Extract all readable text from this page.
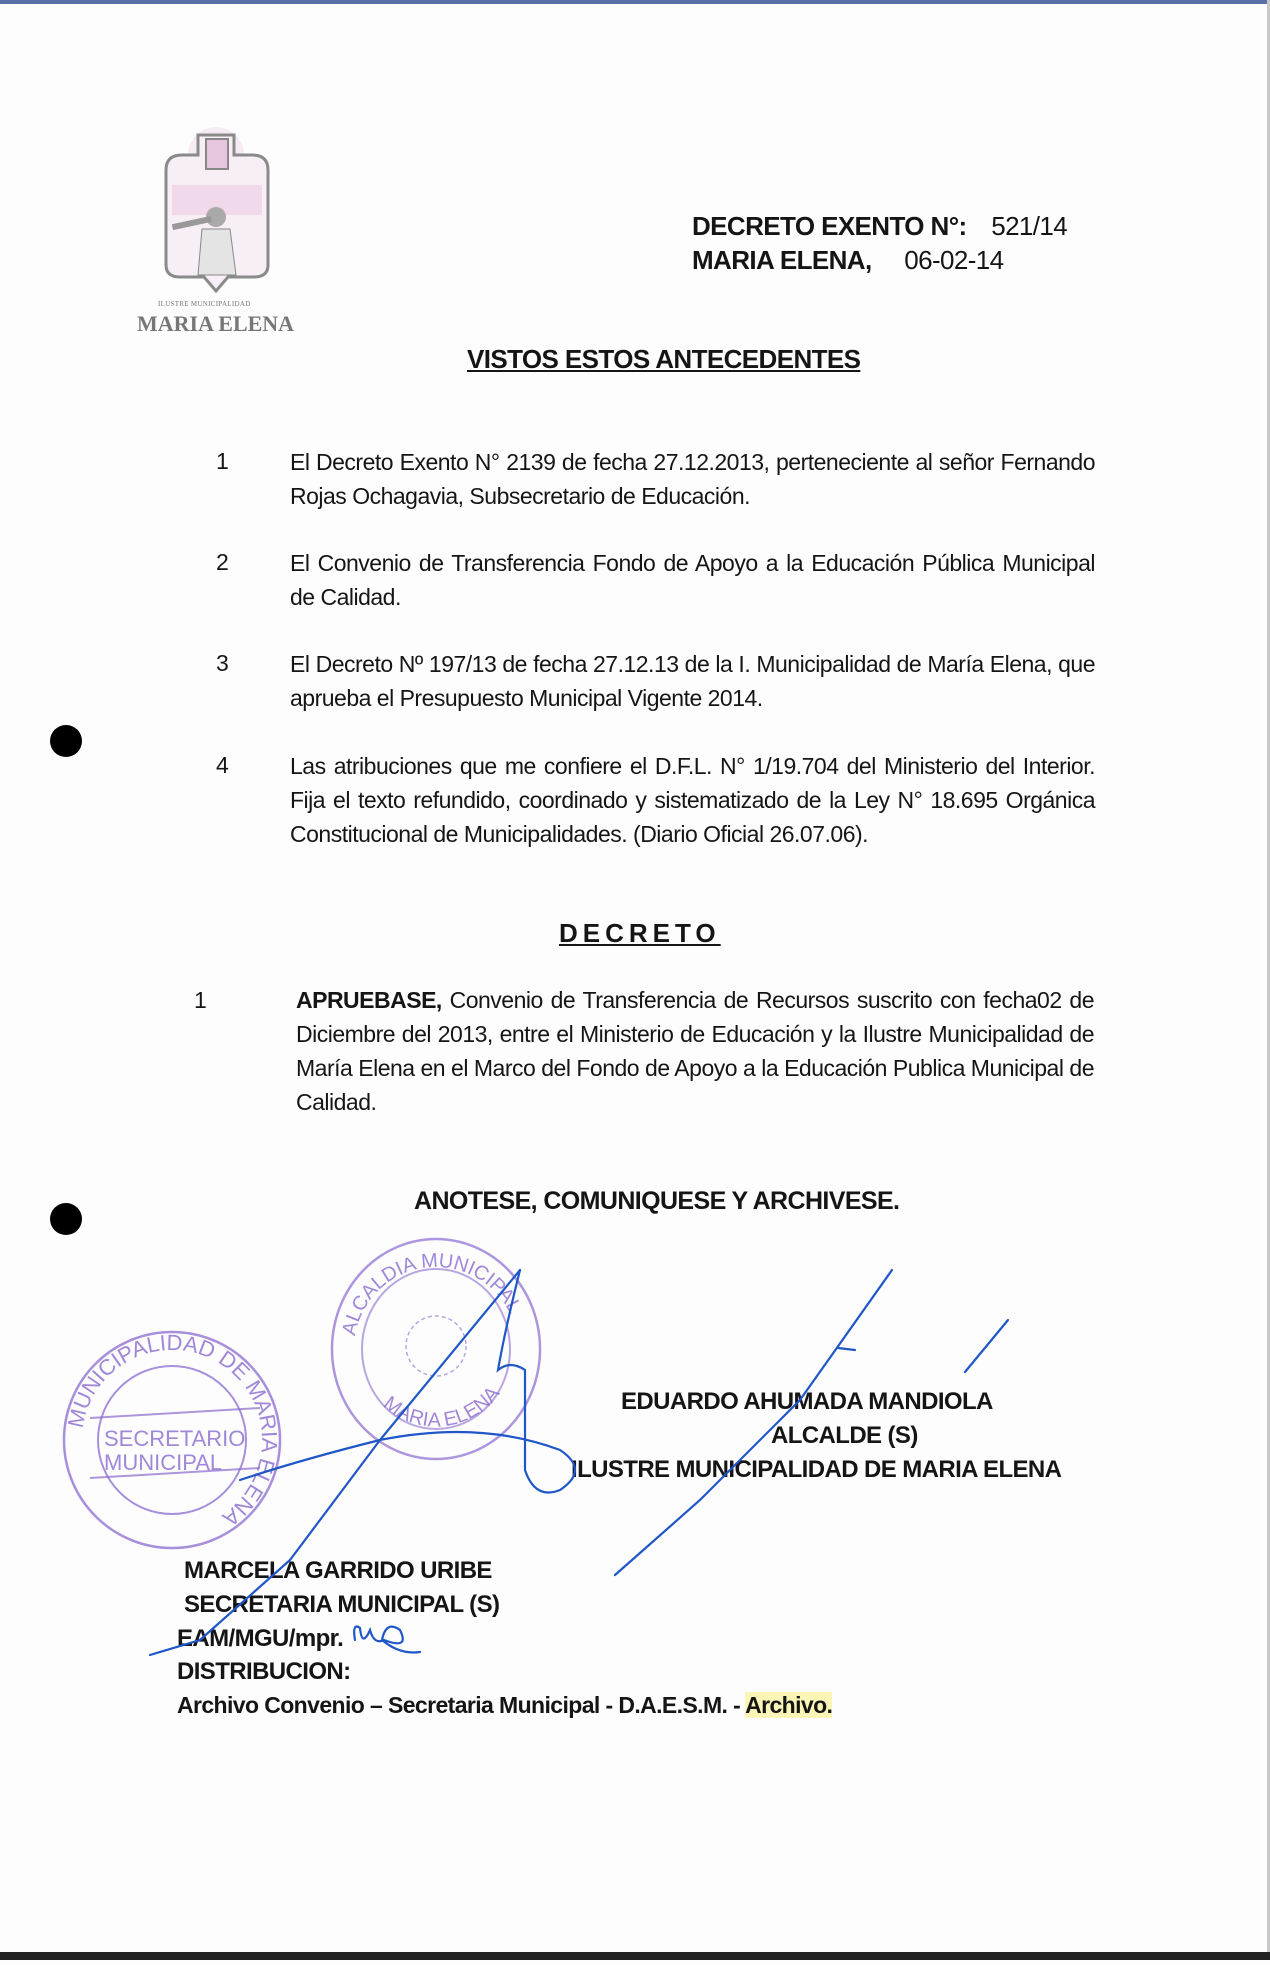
ILUSTRE MUNICIPALIDAD
MARIA ELENA
DECRETO EXENTO N°: 521/14
MARIA ELENA, 06-02-14
VISTOS ESTOS ANTECEDENTES
1	El Decreto Exento N° 2139 de fecha 27.12.2013, perteneciente al señor Fernando Rojas Ochagavia, Subsecretario de Educación.
2	El Convenio de Transferencia Fondo de Apoyo a la Educación Pública Municipal de Calidad.
3	El Decreto Nº 197/13 de fecha 27.12.13 de la I. Municipalidad de María Elena, que aprueba el Presupuesto Municipal Vigente 2014.
4	Las atribuciones que me confiere el D.F.L. N° 1/19.704 del Ministerio del Interior. Fija el texto refundido, coordinado y sistematizado de la Ley N° 18.695 Orgánica Constitucional de Municipalidades. (Diario Oficial 26.07.06).
DECRETO
1	APRUEBASE, Convenio de Transferencia de Recursos suscrito con fecha02 de Diciembre del 2013, entre el Ministerio de Educación y la Ilustre Municipalidad de María Elena en el Marco del Fondo de Apoyo a la Educación Publica Municipal de Calidad.
ANOTESE, COMUNIQUESE Y ARCHIVESE.
MUNICIPALIDAD DE MARIA ELENA
SECRETARIO
MUNICIPAL
ALCALDIA MUNICIPAL
MARIA ELENA	EDUARDO AHUMADA MANDIOLA
ALCALDE (S)
ILUSTRE MUNICIPALIDAD DE MARIA ELENA
MARCELA GARRIDO URIBE
SECRETARIA MUNICIPAL (S)
EAM/MGU/mpr.
DISTRIBUCION:
Archivo Convenio – Secretaria Municipal - D.A.E.S.M. - Archivo.
